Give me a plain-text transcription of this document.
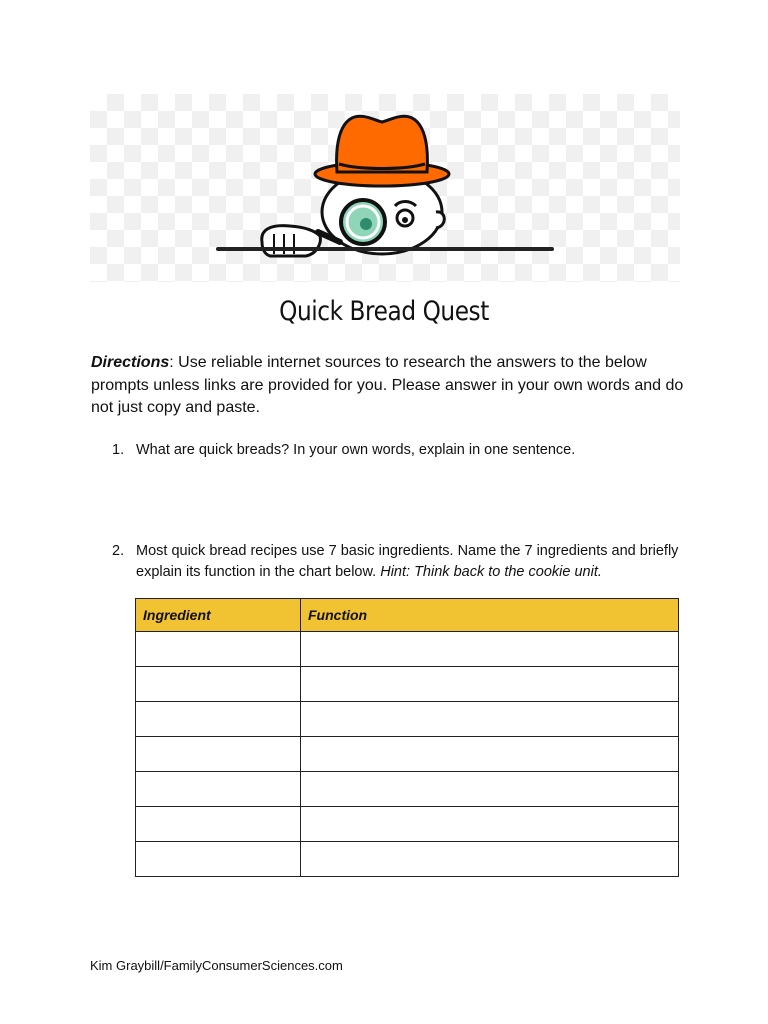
Quick Bread Quest
Directions: Use reliable internet sources to research the answers to the below prompts unless links are provided for you. Please answer in your own words and do not just copy and paste.
1. What are quick breads? In your own words, explain in one sentence.
2. Most quick bread recipes use 7 basic ingredients. Name the 7 ingredients and briefly explain its function in the chart below. Hint: Think back to the cookie unit.
Ingredient	Function

Kim Graybill/FamilyConsumerSciences.com
